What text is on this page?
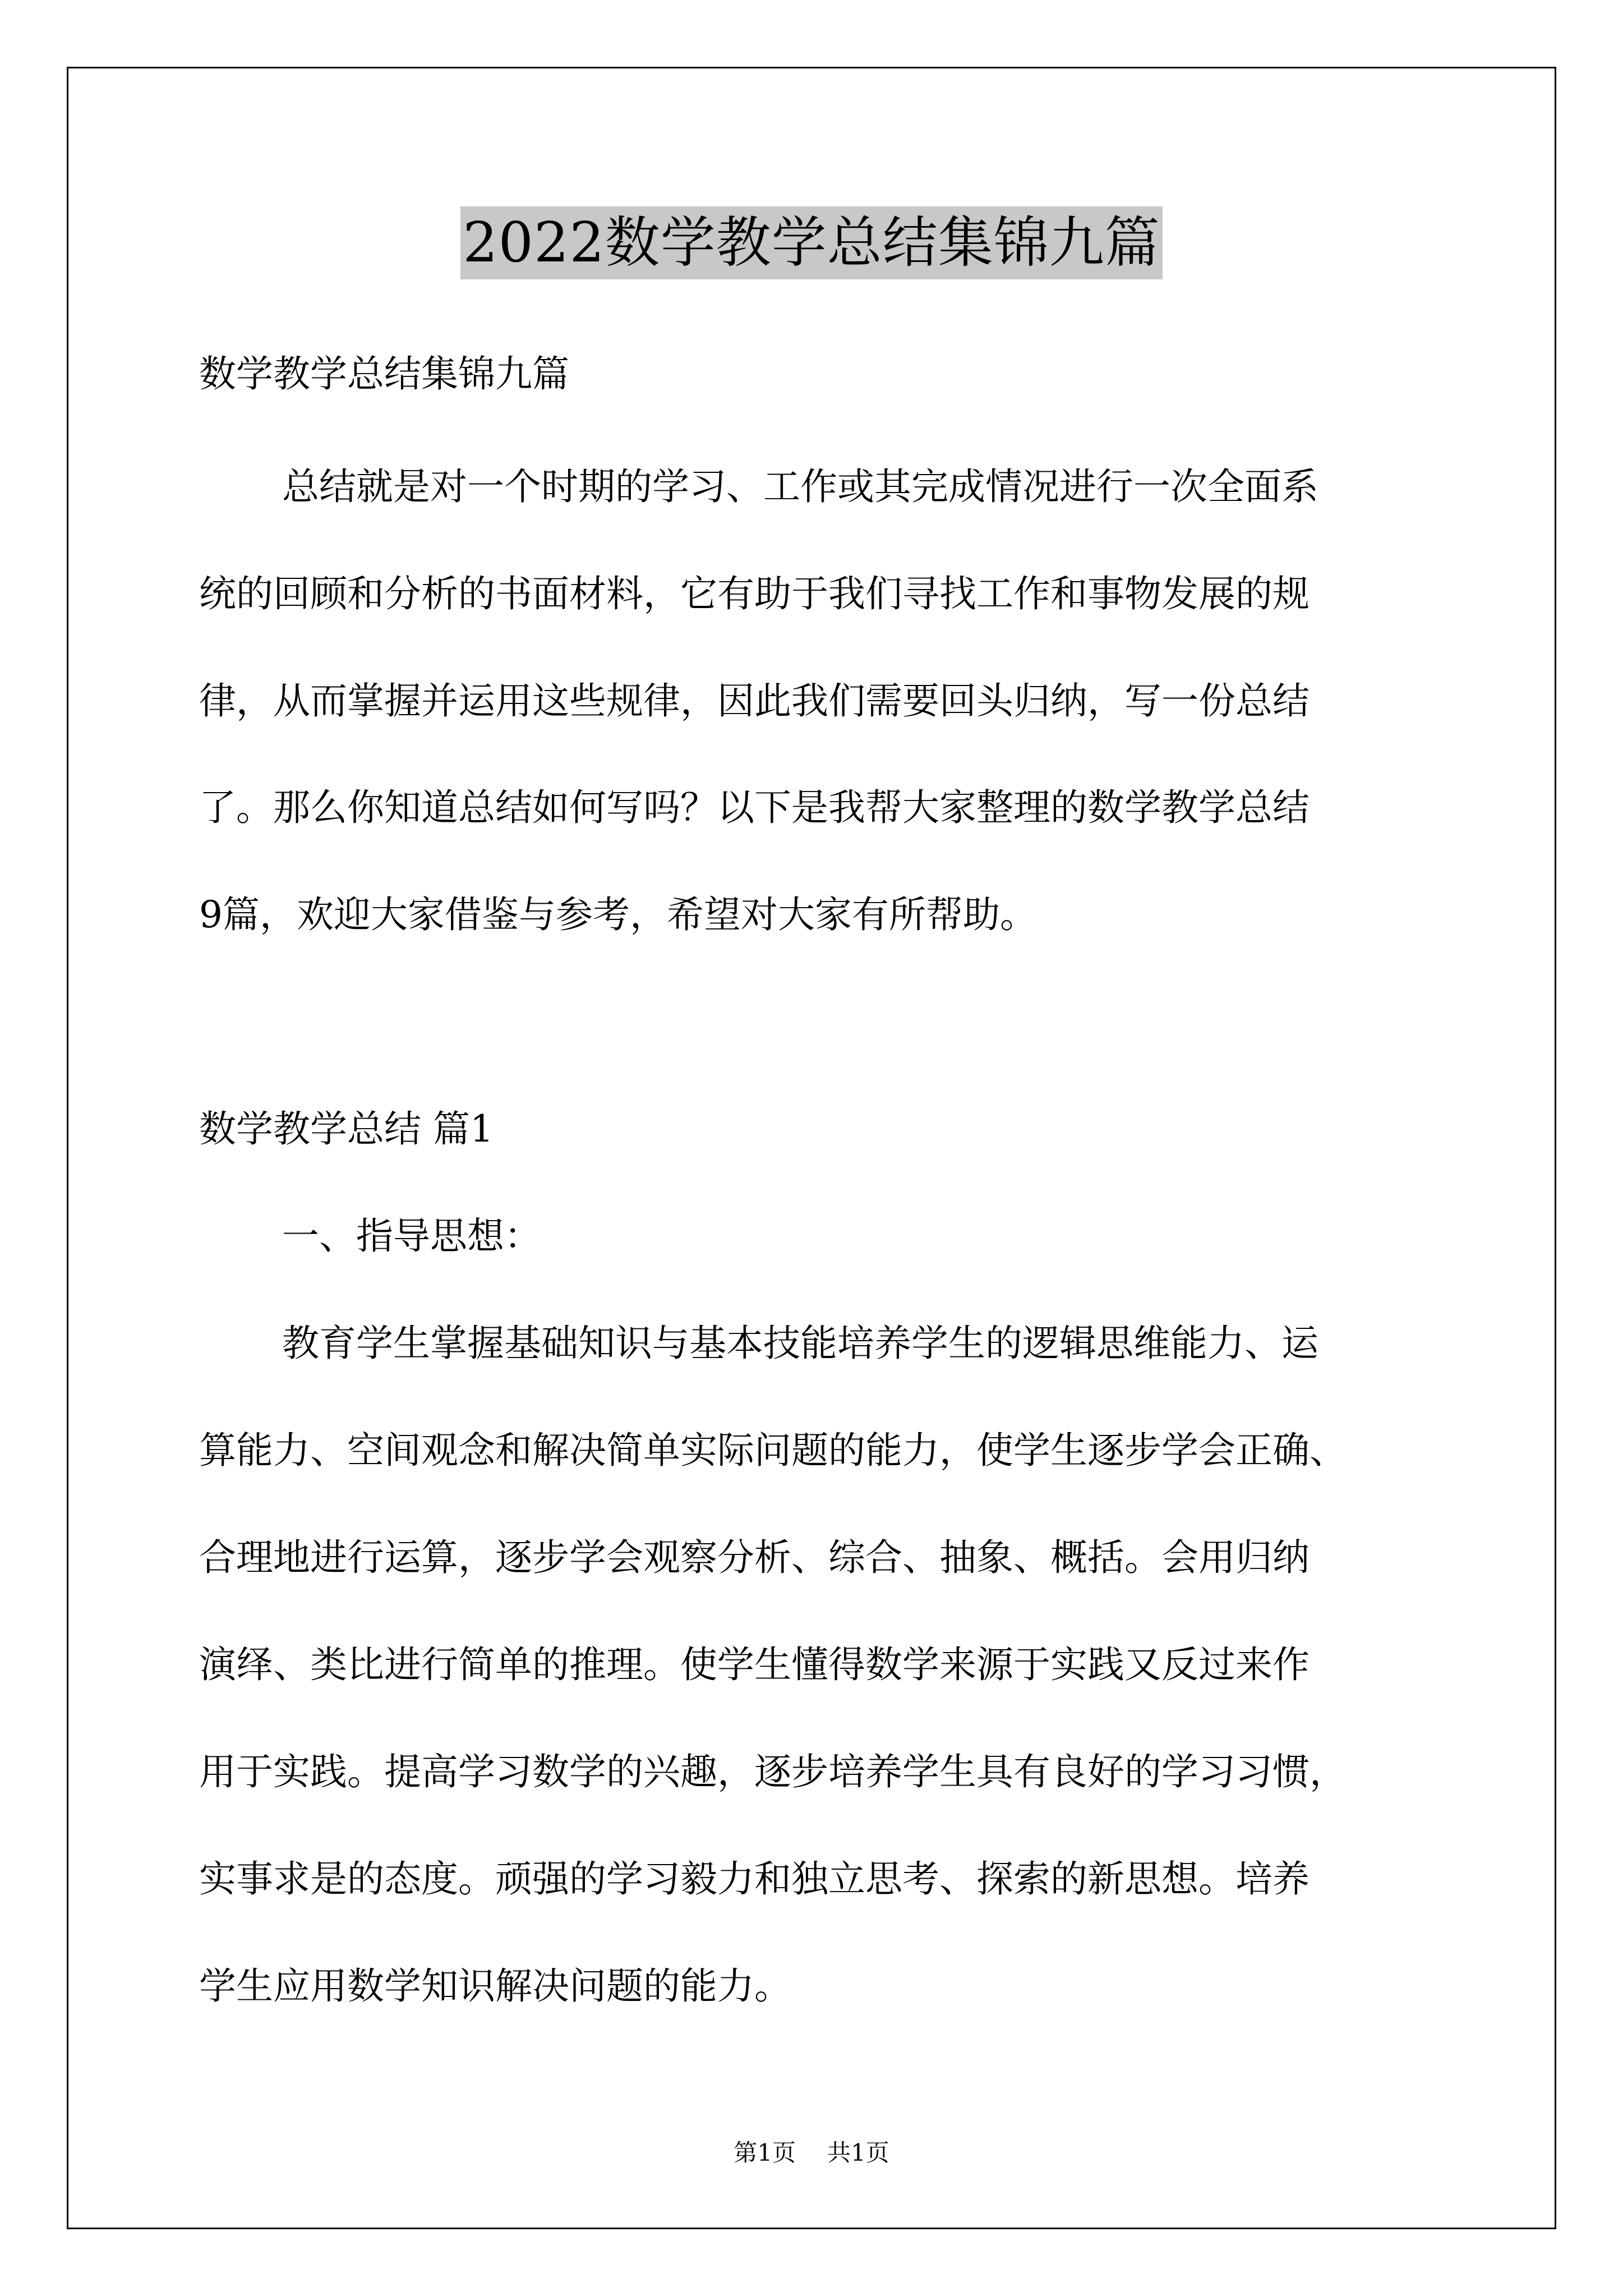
2022数学教学总结集锦九篇
数学教学总结集锦九篇
总结就是对一个时期的学习、工作或其完成情况进行一次全面系
统的回顾和分析的书面材料，它有助于我们寻找工作和事物发展的规
律，从而掌握并运用这些规律，因此我们需要回头归纳，写一份总结
了。那么你知道总结如何写吗？以下是我帮大家整理的数学教学总结
9篇，欢迎大家借鉴与参考，希望对大家有所帮助。
数学教学总结 篇1
一、指导思想：
教育学生掌握基础知识与基本技能培养学生的逻辑思维能力、运
算能力、空间观念和解决简单实际问题的能力，使学生逐步学会正确、
合理地进行运算，逐步学会观察分析、综合、抽象、概括。会用归纳
演绎、类比进行简单的推理。使学生懂得数学来源于实践又反过来作
用于实践。提高学习数学的兴趣，逐步培养学生具有良好的学习习惯，
实事求是的态度。顽强的学习毅力和独立思考、探索的新思想。培养
学生应用数学知识解决问题的能力。
第1页 共1页
